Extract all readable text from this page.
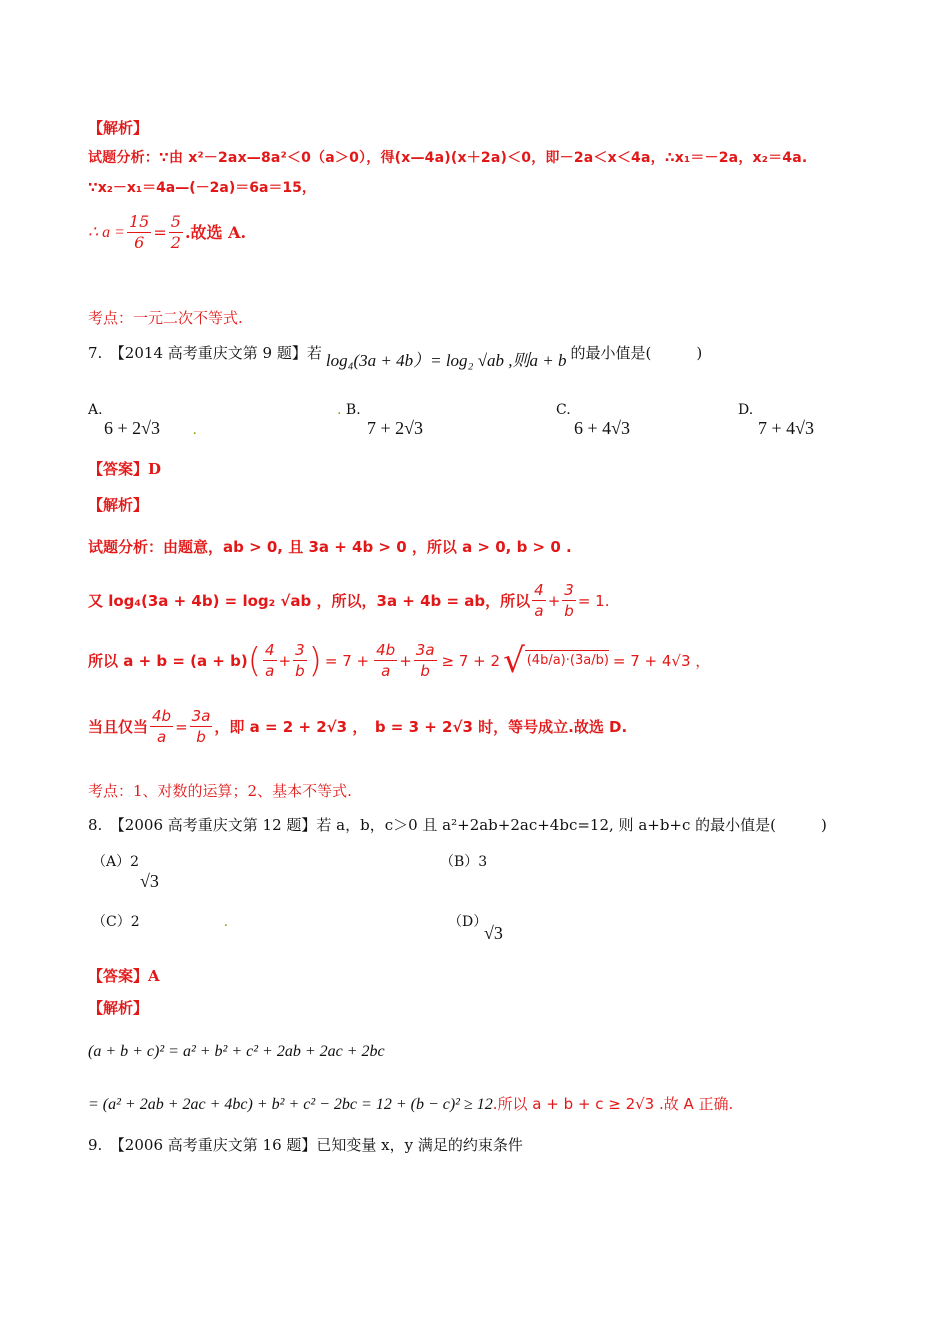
【解析】
试题分析：∵由 x²－2ax—8a²＜0（a＞0），得(x—4a)(x＋2a)＜0，即－2a＜x＜4a，∴x₁＝－2a，x₂＝4a.
∵x₂－x₁＝4a—(－2a)＝6a＝15，
∴ $a = \frac{15}{6} = \frac{5}{2}$ .故选 A.
考点：一元二次不等式.
7.　【2014 高考重庆文第 9 题】若 log₄(3a + 4b）= log₂ √ab ,则a + b 的最小值是(　　　)
A.
6 + 2√3 .
. B.
7 + 2√3
C.
6 + 4√3
D.
7 + 4√3
【答案】D
【解析】
试题分析：由题意，ab > 0, 且 3a + 4b > 0 ，所以 a > 0, b > 0 .
又 log₄(3a + 4b) = log₂ √ab ，所以，3a + 4b = ab，所以 $\frac{4}{a} + \frac{3}{b} = 1$.
所以 a + b = (a + b) ( $\frac{4}{a} + \frac{3}{b}$ ) = $7 + \frac{4b}{a} + \frac{3a}{b} \ge 7 + 2$ √ (4b/a)·(3a/b) = 7 + 4√3 ，
当且仅当 $\frac{4b}{a} = \frac{3a}{b}$ ，即 a = 2 + 2√3 ，　b = 3 + 2√3 时，等号成立.故选 D.
考点：1、对数的运算；2、基本不等式.
8.　【2006 高考重庆文第 12 题】若 a，b，c＞0 且 a²+2ab+2ac+4bc=12, 则 a+b+c 的最小值是(　　　)
（A）2
√3
（B）3
（C）2	.	（D）
√3
【答案】A
【解析】
(a + b + c)² = a² + b² + c² + 2ab + 2ac + 2bc
= (a² + 2ab + 2ac + 4bc) + b² + c² − 2bc = 12 + (b − c)² ≥ 12.所以 a + b + c ≥ 2√3 .故 A 正确.
9.　【2006 高考重庆文第 16 题】已知变量 x，y 满足的约束条件
